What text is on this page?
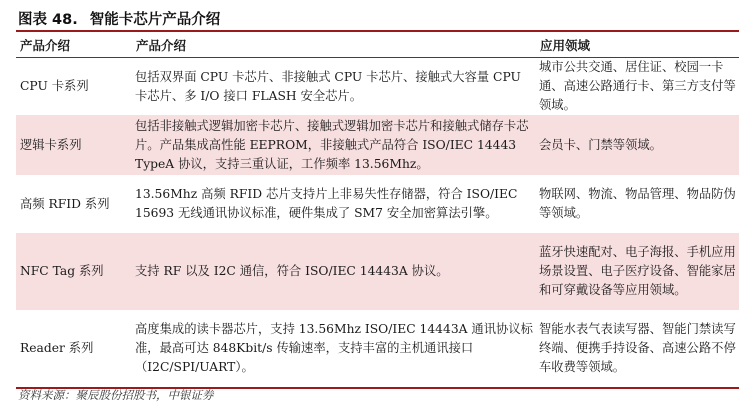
图表 48. 智能卡芯片产品介绍
产品介绍	产品介绍	应用领域
CPU 卡系列	包括双界面 CPU 卡芯片、非接触式 CPU 卡芯片、接触式大容量 CPU 卡芯片、多 I/O 接口 FLASH 安全芯片。	城市公共交通、居住证、校园一卡通、高速公路通行卡、第三方支付等领域。
逻辑卡系列	包括非接触式逻辑加密卡芯片、接触式逻辑加密卡芯片和接触式储存卡芯片。产品集成高性能 EEPROM，非接触式产品符合 ISO/IEC 14443 TypeA 协议，支持三重认证，工作频率 13.56Mhz。	会员卡、门禁等领域。
高频 RFID 系列	13.56Mhz 高频 RFID 芯片支持片上非易失性存储器，符合 ISO/IEC 15693 无线通讯协议标准，硬件集成了 SM7 安全加密算法引擎。	物联网、物流、物品管理、物品防伪等领域。
NFC Tag 系列	支持 RF 以及 I2C 通信，符合 ISO/IEC 14443A 协议。	蓝牙快速配对、电子海报、手机应用场景设置、电子医疗设备、智能家居和可穿戴设备等应用领域。
Reader 系列	高度集成的读卡器芯片，支持 13.56Mhz ISO/IEC 14443A 通讯协议标准，最高可达 848Kbit/s 传输速率，支持丰富的主机通讯接口（I2C/SPI/UART）。	智能水表气表读写器、智能门禁读写终端、便携手持设备、高速公路不停车收费等领域。
资料来源：聚辰股份招股书，中银证券
